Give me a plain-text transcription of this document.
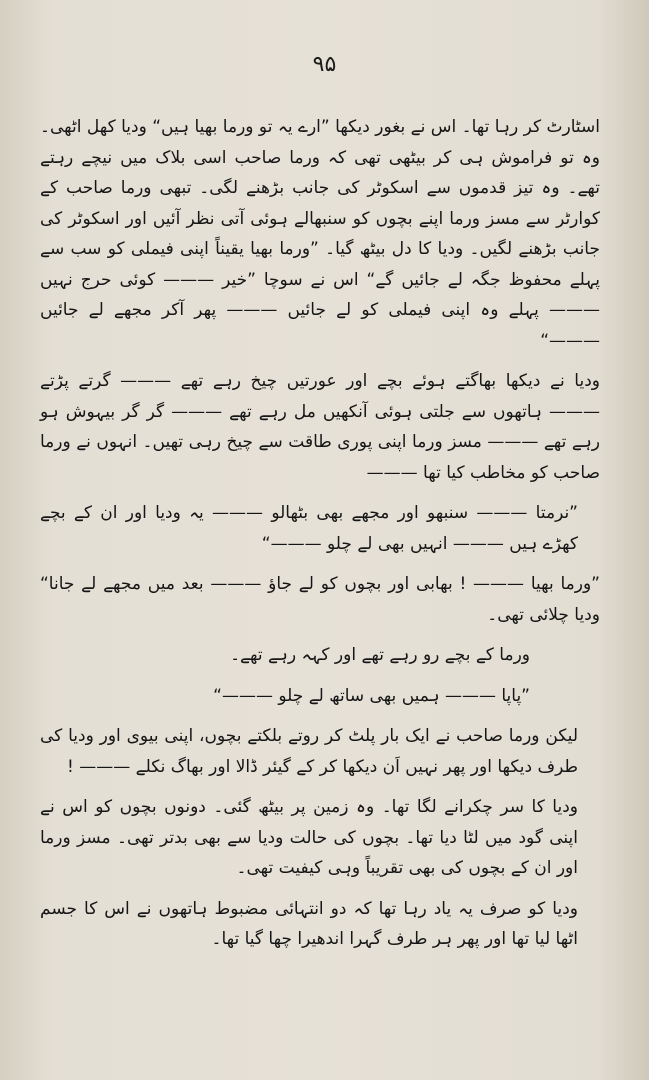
۹۵

اسٹارٹ کر رہا تھا۔ اس نے بغور دیکھا ”ارے یہ تو ورما بھیا ہیں“ ودیا کھل اٹھی۔ وہ تو فراموش ہی کر بیٹھی تھی کہ ورما صاحب اسی بلاک میں نیچے رہتے تھے۔ وہ تیز قدموں سے اسکوٹر کی جانب بڑھنے لگی۔ تبھی ورما صاحب کے کوارٹر سے مسز ورما اپنے بچوں کو سنبھالے ہوئی آتی نظر آئیں اور اسکوٹر کی جانب بڑھنے لگیں۔ ودیا کا دل بیٹھ گیا۔ ”ورما بھیا یقیناً اپنی فیملی کو سب سے پہلے محفوظ جگہ لے جائیں گے“ اس نے سوچا ”خیر ——— کوئی حرج نہیں ——— پہلے وہ اپنی فیملی کو لے جائیں ——— پھر آکر مجھے لے جائیں ———“

ودیا نے دیکھا بھاگتے ہوئے بچے اور عورتیں چیخ رہے تھے ——— گرتے پڑتے ——— ہاتھوں سے جلتی ہوئی آنکھیں مل رہے تھے ——— گر گر بیہوش ہو رہے تھے ——— مسز ورما اپنی پوری طاقت سے چیخ رہی تھیں۔ انہوں نے ورما صاحب کو مخاطب کیا تھا ———

”نرمتا ——— سنبھو اور مجھے بھی بٹھالو ——— یہ ودیا اور ان کے بچے کھڑے ہیں ——— انہیں بھی لے چلو ———“

”ورما بھیا ——— ! بھابی اور بچوں کو لے جاؤ ——— بعد میں مجھے لے جانا“ ودیا چلائی تھی۔

ورما کے بچے رو رہے تھے اور کہہ رہے تھے۔

”پاپا ——— ہمیں بھی ساتھ لے چلو ———“

لیکن ورما صاحب نے ایک بار پلٹ کر روتے بلکتے بچوں، اپنی بیوی اور ودیا کی طرف دیکھا اور پھر نہیں اَن دیکھا کر کے گیئر ڈالا اور بھاگ نکلے ——— !

ودیا کا سر چکرانے لگا تھا۔ وہ زمین پر بیٹھ گئی۔ دونوں بچوں کو اس نے اپنی گود میں لٹا دیا تھا۔ بچوں کی حالت ودیا سے بھی بدتر تھی۔ مسز ورما اور ان کے بچوں کی بھی تقریباً وہی کیفیت تھی۔

ودیا کو صرف یہ یاد رہا تھا کہ دو انتہائی مضبوط ہاتھوں نے اس کا جسم اٹھا لیا تھا اور پھر ہر طرف گہرا اندھیرا چھا گیا تھا۔
